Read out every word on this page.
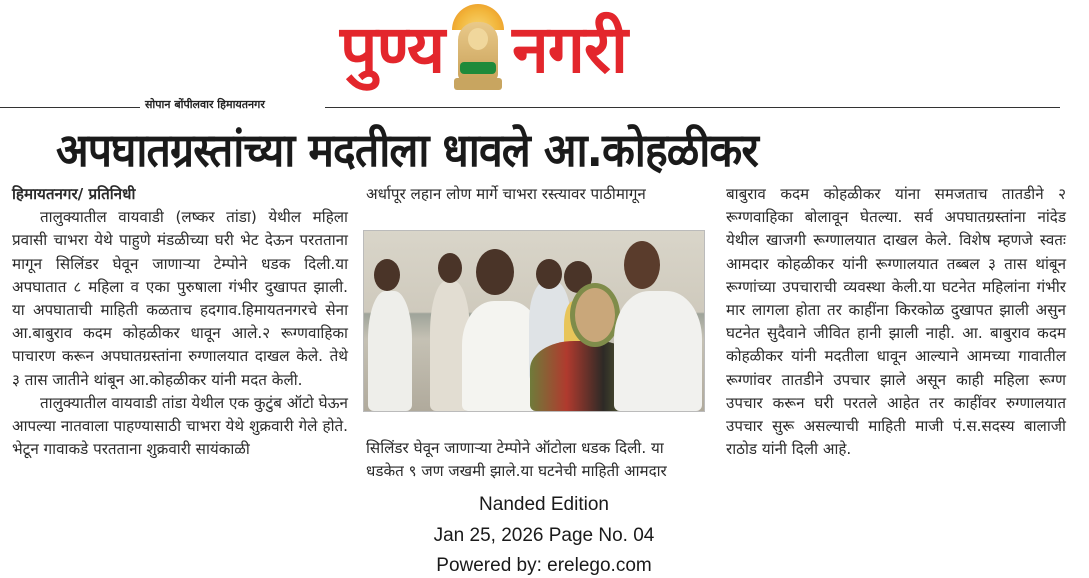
पुण्य नगरी
सोपान बोंपीलवार हिमायतनगर
अपघातग्रस्तांच्या मदतीला धावले आ.कोहळीकर

हिमायतनगर/ प्रतिनिधी

तालुक्यातील वायवाडी (लष्कर तांडा) येथील महिला प्रवासी चाभरा येथे पाहुणे मंडळीच्या घरी भेट देऊन परतताना मागून सिलिंडर घेवून जाणाऱ्या टेम्पोने धडक दिली.या अपघातात ८ महिला व एका पुरुषाला गंभीर दुखापत झाली. या अपघाताची माहिती कळताच हदगाव.हिमायतनगरचे सेना आ.बाबुराव कदम कोहळीकर धावून आले.२ रूग्णवाहिका पाचारण करून अपघातग्रस्तांना रुग्णालयात दाखल केले. तेथे ३ तास जातीने थांबून आ.कोहळीकर यांनी मदत केली.

तालुक्यातील वायवाडी तांडा येथील एक कुटुंब ऑटो घेऊन आपल्या नातवाला पाहण्यासाठी चाभरा येथे शुक्रवारी गेले होते. भेटून गावाकडे परतताना शुक्रवारी सायंकाळी

अर्धापूर लहान लोण मार्गे चाभरा रस्त्यावर पाठीमागून
सिलिंडर घेवून जाणाऱ्या टेम्पोने ऑटोला धडक दिली. या धडकेत ९ जण जखमी झाले.या घटनेची माहिती आमदार

बाबुराव कदम कोहळीकर यांना समजताच तातडीने २ रूग्णवाहिका बोलावून घेतल्या. सर्व अपघातग्रस्तांना नांदेड येथील खाजगी रूग्णालयात दाखल केले. विशेष म्हणजे स्वतः आमदार कोहळीकर यांनी रूग्णालयात तब्बल ३ तास थांबून रूग्णांच्या उपचाराची व्यवस्था केली.या घटनेत महिलांना गंभीर मार लागला होता तर काहींना किरकोळ दुखापत झाली असुन घटनेत सुदैवाने जीवित हानी झाली नाही. आ. बाबुराव कदम कोहळीकर यांनी मदतीला धावून आल्याने आमच्या गावातील रूग्णांवर तातडीने उपचार झाले असून काही महिला रूग्ण उपचार करून घरी परतले आहेत तर काहींवर रुग्णालयात उपचार सुरू असल्याची माहिती माजी पं.स.सदस्य बालाजी राठोड यांनी दिली आहे.

Nanded Edition
Jan 25, 2026 Page No. 04
Powered by: erelego.com
